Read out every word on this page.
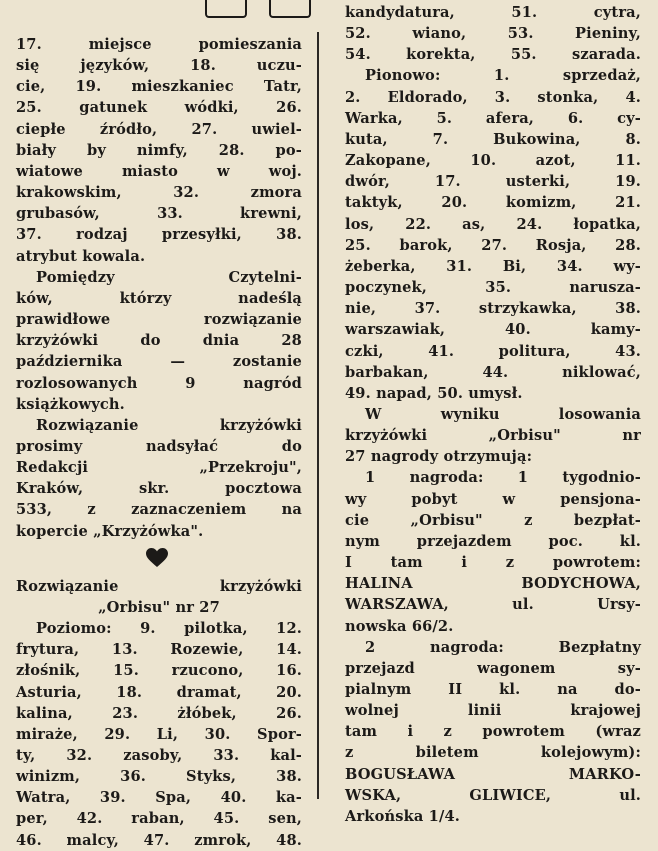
17. miejsce pomieszania
się języków, 18. uczu-
cie, 19. mieszkaniec Tatr,
25. gatunek wódki, 26.
ciepłe źródło, 27. uwiel-
biały by nimfy, 28. po-
wiatowe miasto w woj.
krakowskim, 32. zmora
grubasów, 33. krewni,
37. rodzaj przesyłki, 38.
atrybut kowala.
Pomiędzy Czytelni-
ków, którzy nadeślą
prawidłowe rozwiązanie
krzyżówki do dnia 28
października — zostanie
rozlosowanych 9 nagród
książkowych.
Rozwiązanie krzyżówki
prosimy nadsyłać do
Redakcji „Przekroju",
Kraków, skr. pocztowa
533, z zaznaczeniem na
kopercie „Krzyżówka".
Rozwiązanie krzyżówki
„Orbisu" nr 27
Poziomo: 9. pilotka, 12.
frytura, 13. Rozewie, 14.
złośnik, 15. rzucono, 16.
Asturia, 18. dramat, 20.
kalina, 23. żłóbek, 26.
miraże, 29. Li, 30. Spor-
ty, 32. zasoby, 33. kal-
winizm, 36. Styks, 38.
Watra, 39. Spa, 40. ka-
per, 42. raban, 45. sen,
46. malcy, 47. zmrok, 48.
kandydatura, 51. cytra,
52. wiano, 53. Pieniny,
54. korekta, 55. szarada.
Pionowo: 1. sprzedaż,
2. Eldorado, 3. stonka, 4.
Warka, 5. afera, 6. cy-
kuta, 7. Bukowina, 8.
Zakopane, 10. azot, 11.
dwór, 17. usterki, 19.
taktyk, 20. komizm, 21.
los, 22. as, 24. łopatka,
25. barok, 27. Rosja, 28.
żeberka, 31. Bi, 34. wy-
poczynek, 35. narusza-
nie, 37. strzykawka, 38.
warszawiak, 40. kamy-
czki, 41. politura, 43.
barbakan, 44. niklować,
49. napad, 50. umysł.
W wyniku losowania
krzyżówki „Orbisu" nr
27 nagrody otrzymują:
1 nagroda: 1 tygodnio-
wy pobyt w pensjona-
cie „Orbisu" z bezpłat-
nym przejazdem poc. kl.
I tam i z powrotem:
HALINA BODYCHOWA,
WARSZAWA, ul. Ursy-
nowska 66/2.
2 nagroda: Bezpłatny
przejazd wagonem sy-
pialnym II kl. na do-
wolnej linii krajowej
tam i z powrotem (wraz
z biletem kolejowym):
BOGUSŁAWA MARKO-
WSKA, GLIWICE, ul.
Arkońska 1/4.
